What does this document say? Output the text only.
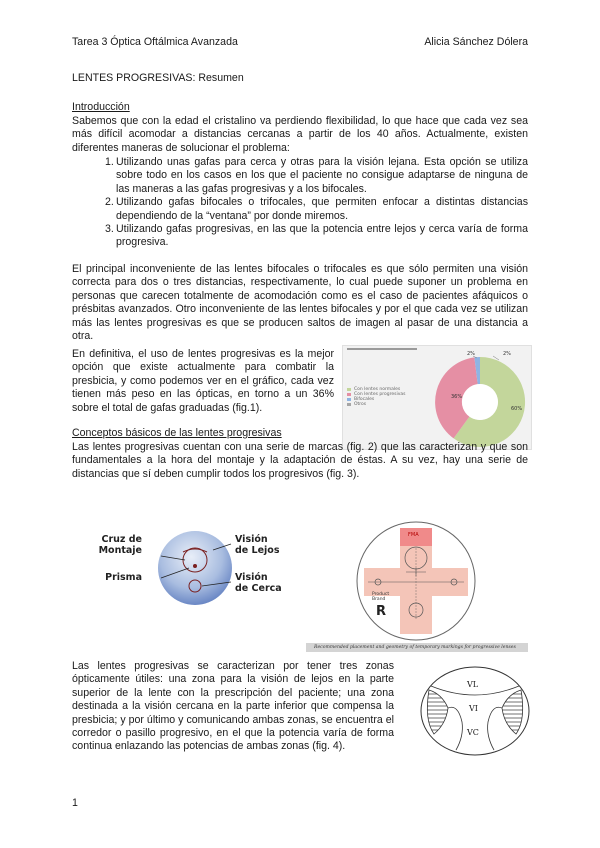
Tarea 3 Óptica Oftálmica Avanzada	Alicia Sánchez Dólera
LENTES PROGRESIVAS: Resumen
Introducción
Sabemos que con la edad el cristalino va perdiendo flexibilidad, lo que hace que cada vez sea más difícil acomodar a distancias cercanas a partir de los 40 años. Actualmente, existen diferentes maneras de solucionar el problema:
1. Utilizando unas gafas para cerca y otras para la visión lejana. Esta opción se utiliza sobre todo en los casos en los que el paciente no consigue adaptarse de ninguna de las maneras a las gafas progresivas y a los bifocales.
2. Utilizando gafas bifocales o trifocales, que permiten enfocar a distintas distancias dependiendo de la “ventana” por donde miremos.
3. Utilizando gafas progresivas, en las que la potencia entre lejos y cerca varía de forma progresiva.
El principal inconveniente de las lentes bifocales o trifocales es que sólo permiten una visión correcta para dos o tres distancias, respectivamente, lo cual puede suponer un problema en personas que carecen totalmente de acomodación como es el caso de pacientes afáquicos o présbitas avanzados. Otro inconveniente de las lentes bifocales y por el que cada vez se utilizan más las lentes progresivas es que se producen saltos de imagen al pasar de una distancia a otra.
En definitiva, el uso de lentes progresivas es la mejor opción que existe actualmente para combatir la presbicia, y como podemos ver en el gráfico, cada vez tienen más peso en las ópticas, en torno a un 36% sobre el total de gafas graduadas (fig.1).
Con lentes normales
Con lentes progresivas
Bifocales
Otros
60%
36%
2%	2%
Conceptos básicos de las lentes progresivas
Las lentes progresivas cuentan con una serie de marcas (fig. 2) que las caracterizan y que son fundamentales a la hora del montaje y la adaptación de éstas. A su vez, hay una serie de distancias que sí deben cumplir todos los progresivos (fig. 3).
Cruz de Montaje
Prisma
Visión de Lejos
Visión de Cerca
FMA
Product Brand
R
Recommended placement and geometry of temporary markings for progressive lenses
Las lentes progresivas se caracterizan por tener tres zonas ópticamente útiles: una zona para la visión de lejos en la parte superior de la lente con la prescripción del paciente; una zona destinada a la visión cercana en la parte inferior que compensa la presbicia; y por último y comunicando ambas zonas, se encuentra el corredor o pasillo progresivo, en el que la potencia varía de forma continua enlazando las potencias de ambas zonas (fig. 4).
VL
VI
VC
1
